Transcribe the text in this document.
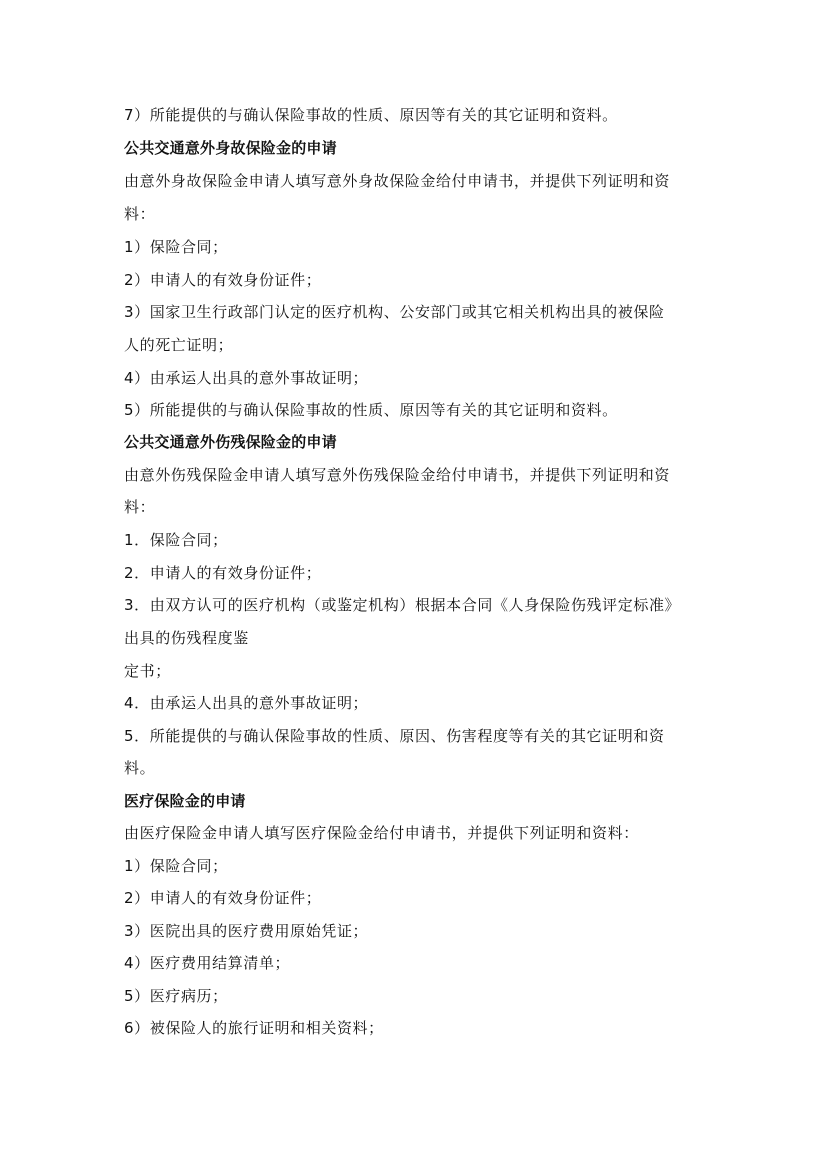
7）所能提供的与确认保险事故的性质、原因等有关的其它证明和资料。
公共交通意外身故保险金的申请
由意外身故保险金申请人填写意外身故保险金给付申请书，并提供下列证明和资
料：
1）保险合同；
2）申请人的有效身份证件；
3）国家卫生行政部门认定的医疗机构、公安部门或其它相关机构出具的被保险
人的死亡证明；
4）由承运人出具的意外事故证明；
5）所能提供的与确认保险事故的性质、原因等有关的其它证明和资料。
公共交通意外伤残保险金的申请
由意外伤残保险金申请人填写意外伤残保险金给付申请书，并提供下列证明和资
料：
1．保险合同；
2．申请人的有效身份证件；
3．由双方认可的医疗机构（或鉴定机构）根据本合同《人身保险伤残评定标准》
出具的伤残程度鉴
定书；
4．由承运人出具的意外事故证明；
5．所能提供的与确认保险事故的性质、原因、伤害程度等有关的其它证明和资
料。
医疗保险金的申请
由医疗保险金申请人填写医疗保险金给付申请书，并提供下列证明和资料：
1）保险合同；
2）申请人的有效身份证件；
3）医院出具的医疗费用原始凭证；
4）医疗费用结算清单；
5）医疗病历；
6）被保险人的旅行证明和相关资料；
